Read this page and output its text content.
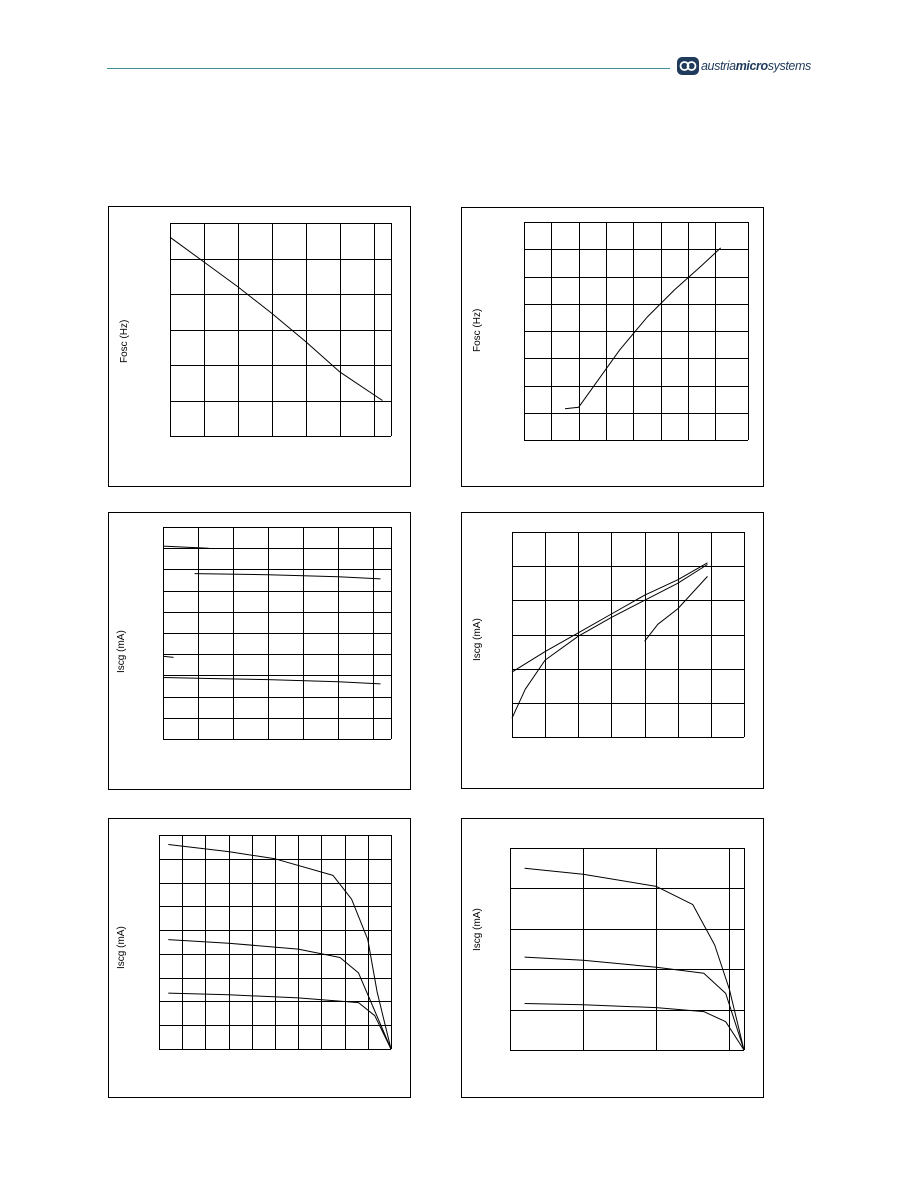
austriamicrosystems
Fosc (Hz)	Fosc (Hz)
Iscg (mA)	Iscg (mA)
Iscg (mA)	Iscg (mA)
